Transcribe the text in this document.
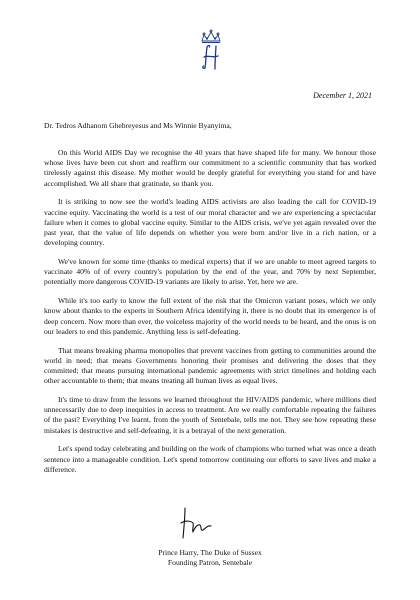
December 1, 2021
Dr. Tedros Adhanom Ghebreyesus and Ms Winnie Byanyima,

On this World AIDS Day we recognise the 40 years that have shaped life for many. We honour those whose lives have been cut short and reaffirm our commitment to a scientific community that has worked tirelessly against this disease. My mother would be deeply grateful for everything you stand for and have accomplished. We all share that gratitude, so thank you.

It is striking to now see the world's leading AIDS activists are also leading the call for COVID-19 vaccine equity. Vaccinating the world is a test of our moral character and we are experiencing a spectacular failure when it comes to global vaccine equity. Similar to the AIDS crisis, we've yet again revealed over the past year, that the value of life depends on whether you were born and/or live in a rich nation, or a developing country.

We've known for some time (thanks to medical experts) that if we are unable to meet agreed targets to vaccinate 40% of of every country's population by the end of the year, and 70% by next September, potentially more dangerous COVID-19 variants are likely to arise. Yet, here we are.

While it's too early to know the full extent of the risk that the Omicron variant poses, which we only know about thanks to the experts in Southern Africa identifying it, there is no doubt that its emergence is of deep concern. Now more than ever, the voiceless majority of the world needs to be heard, and the onus is on our leaders to end this pandemic. Anything less is self-defeating.

That means breaking pharma monopolies that prevent vaccines from getting to communities around the world in need; that means Governments honoring their promises and delivering the doses that they committed; that means pursuing international pandemic agreements with strict timelines and holding each other accountable to them; that means treating all human lives as equal lives.

It's time to draw from the lessons we learned throughout the HIV/AIDS pandemic, where millions died unnecessarily due to deep inequities in access to treatment. Are we really comfortable repeating the failures of the past? Everything I've learnt, from the youth of Sentebale, tells me not. They see how repeating these mistakes is destructive and self-defeating, it is a betrayal of the next generation.

Let's spend today celebrating and building on the work of champions who turned what was once a death sentence into a manageable condition. Let's spend tomorrow continuing our efforts to save lives and make a difference.

Prince Harry, The Duke of Sussex
Founding Patron, Sentebale
